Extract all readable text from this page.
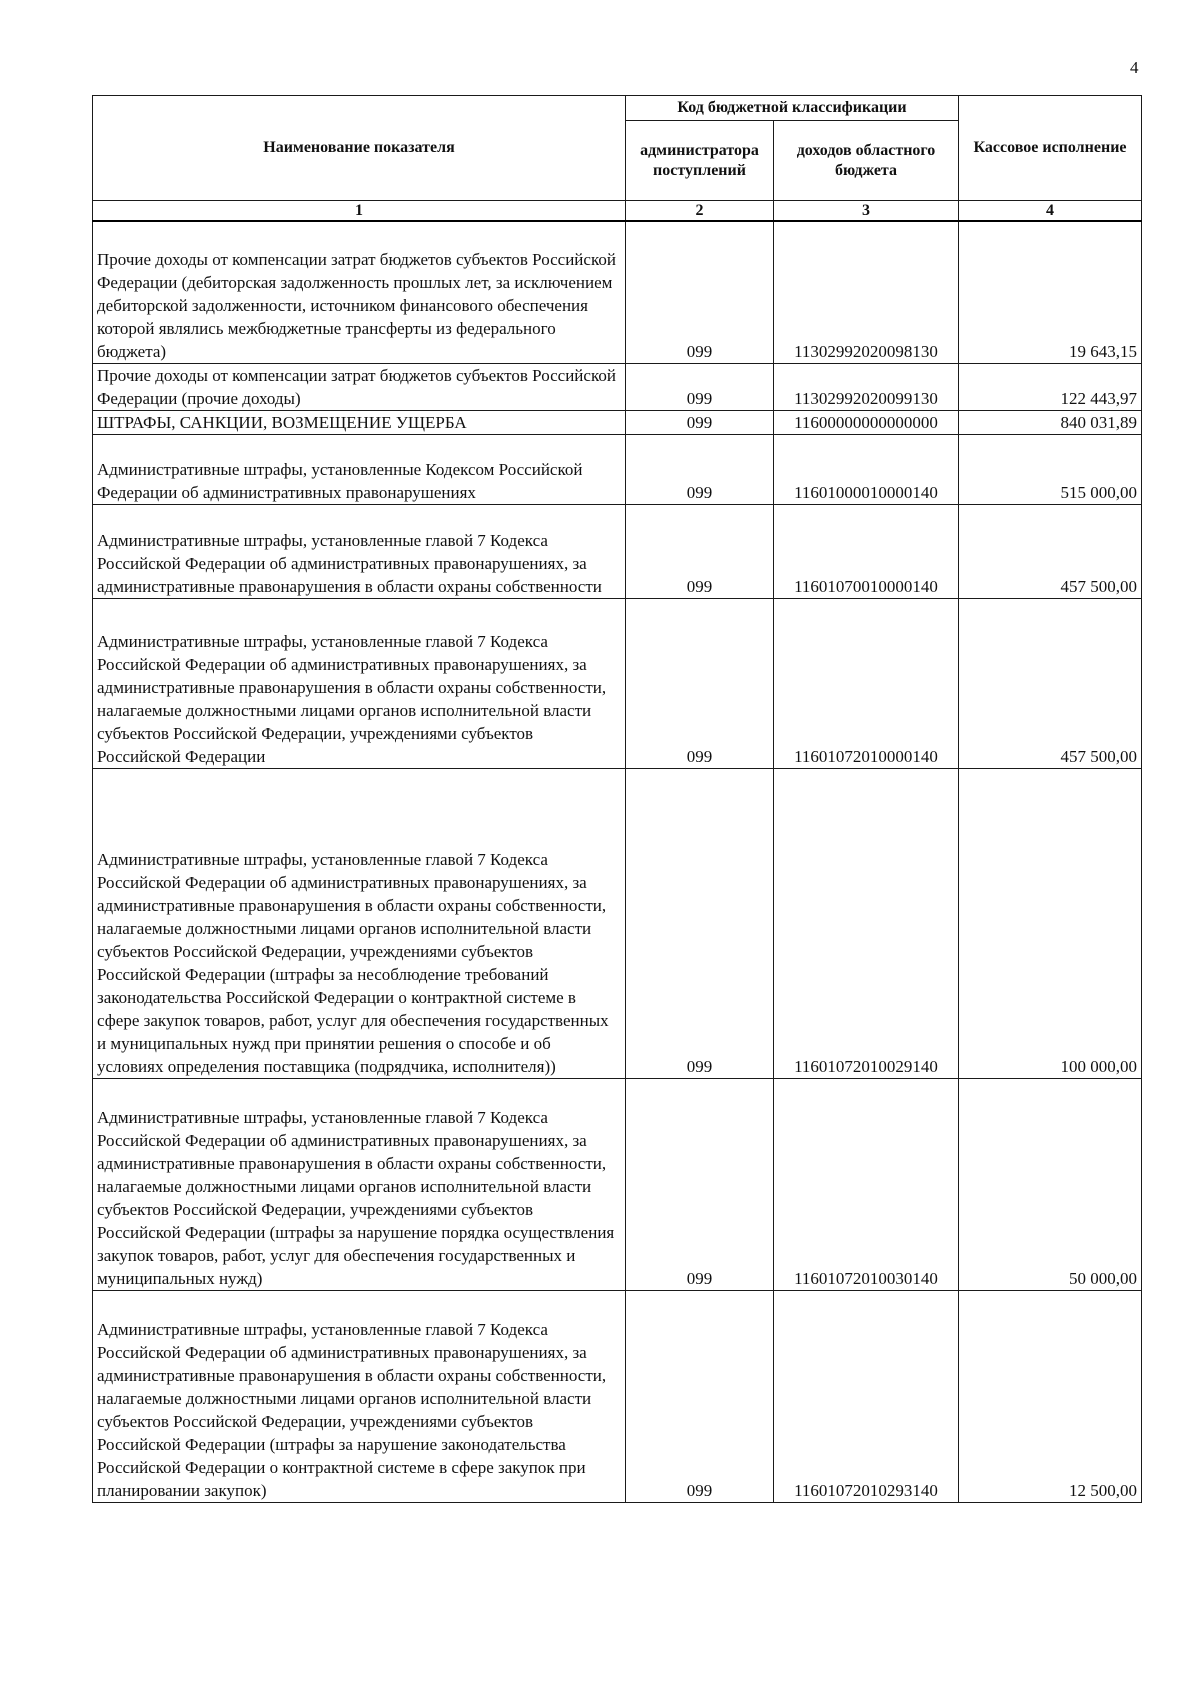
4
Наименование показателя	Код бюджетной классификации		Кассовое исполнение
	администратора поступлений	доходов областного бюджета	
1	2	3	4
Прочие доходы от компенсации затрат бюджетов субъектов Российской Федерации (дебиторская задолженность прошлых лет, за исключением дебиторской задолженности, источником финансового обеспечения которой являлись межбюджетные трансферты из федерального бюджета)	099	11302992020098130	19 643,15
Прочие доходы от компенсации затрат бюджетов субъектов Российской Федерации (прочие доходы)	099	11302992020099130	122 443,97
ШТРАФЫ, САНКЦИИ, ВОЗМЕЩЕНИЕ УЩЕРБА	099	11600000000000000	840 031,89
Административные штрафы, установленные Кодексом Российской Федерации об административных правонарушениях	099	11601000010000140	515 000,00
Административные штрафы, установленные главой 7 Кодекса Российской Федерации об административных правонарушениях, за административные правонарушения в области охраны собственности	099	11601070010000140	457 500,00
Административные штрафы, установленные главой 7 Кодекса Российской Федерации об административных правонарушениях, за административные правонарушения в области охраны собственности, налагаемые должностными лицами органов исполнительной власти субъектов Российской Федерации, учреждениями субъектов Российской Федерации	099	11601072010000140	457 500,00
Административные штрафы, установленные главой 7 Кодекса Российской Федерации об административных правонарушениях, за административные правонарушения в области охраны собственности, налагаемые должностными лицами органов исполнительной власти субъектов Российской Федерации, учреждениями субъектов Российской Федерации (штрафы за несоблюдение требований законодательства Российской Федерации о контрактной системе в сфере закупок товаров, работ, услуг для обеспечения государственных и муниципальных нужд при принятии решения о способе и об условиях определения поставщика (подрядчика, исполнителя))	099	11601072010029140	100 000,00
Административные штрафы, установленные главой 7 Кодекса Российской Федерации об административных правонарушениях, за административные правонарушения в области охраны собственности, налагаемые должностными лицами органов исполнительной власти субъектов Российской Федерации, учреждениями субъектов Российской Федерации (штрафы за нарушение порядка осуществления закупок товаров, работ, услуг для обеспечения государственных и муниципальных нужд)	099	11601072010030140	50 000,00
Административные штрафы, установленные главой 7 Кодекса Российской Федерации об административных правонарушениях, за административные правонарушения в области охраны собственности, налагаемые должностными лицами органов исполнительной власти субъектов Российской Федерации, учреждениями субъектов Российской Федерации (штрафы за нарушение законодательства Российской Федерации о контрактной системе в сфере закупок при планировании закупок)	099	11601072010293140	12 500,00
